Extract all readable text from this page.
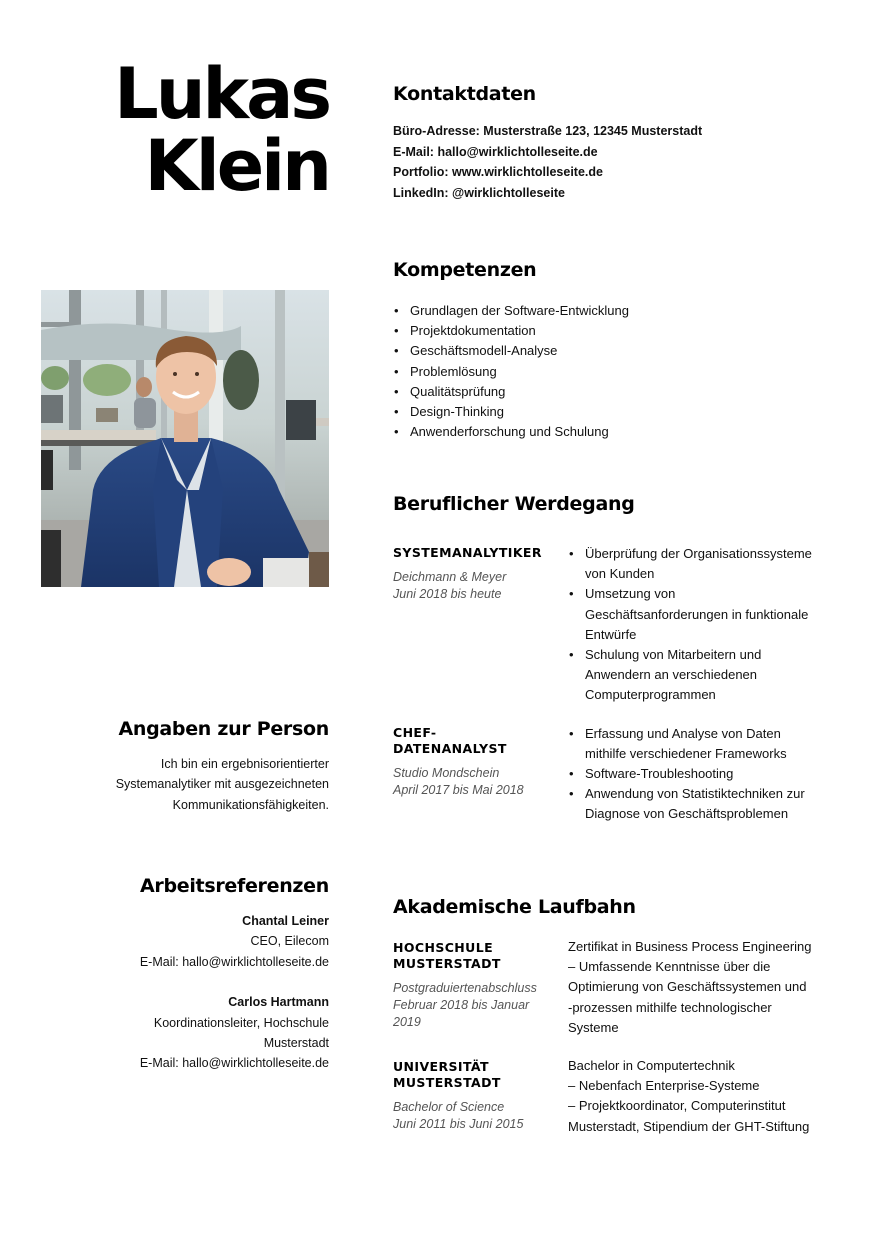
Lukas
Klein
Kontaktdaten
Büro-Adresse: Musterstraße 123, 12345 Musterstadt
E-Mail: hallo@wirklichtolleseite.de
Portfolio: www.wirklichtolleseite.de
LinkedIn: @wirklichtolleseite
Kompetenzen
• Grundlagen der Software-Entwicklung
• Projektdokumentation
• Geschäftsmodell-Analyse
• Problemlösung
• Qualitätsprüfung
• Design-Thinking
• Anwenderforschung und Schulung
Beruflicher Werdegang
SYSTEMANALYTIKER
Deichmann & Meyer
Juni 2018 bis heute
• Überprüfung der Organisationssysteme von Kunden
• Umsetzung von Geschäftsanforderungen in funktionale Entwürfe
• Schulung von Mitarbeitern und Anwendern an verschiedenen Computerprogrammen
CHEF-DATENANALYST
Studio Mondschein
April 2017 bis Mai 2018
• Erfassung und Analyse von Daten mithilfe verschiedener Frameworks
• Software-Troubleshooting
• Anwendung von Statistiktechniken zur Diagnose von Geschäftsproblemen
Angaben zur Person

Ich bin ein ergebnisorientierter Systemanalytiker mit ausgezeichneten Kommunikationsfähigkeiten.

Arbeitsreferenzen
Chantal Leiner
CEO, Eilecom
E-Mail: hallo@wirklichtolleseite.de
Carlos Hartmann
Koordinationsleiter, Hochschule Musterstadt
E-Mail: hallo@wirklichtolleseite.de
Akademische Laufbahn
HOCHSCHULE MUSTERSTADT
Postgraduiertenabschluss
Februar 2018 bis Januar 2019
Zertifikat in Business Process Engineering
– Umfassende Kenntnisse über die Optimierung von Geschäftssystemen und -prozessen mithilfe technologischer Systeme
UNIVERSITÄT MUSTERSTADT
Bachelor of Science
Juni 2011 bis Juni 2015
Bachelor in Computertechnik
– Nebenfach Enterprise-Systeme
– Projektkoordinator, Computerinstitut Musterstadt, Stipendium der GHT-Stiftung
